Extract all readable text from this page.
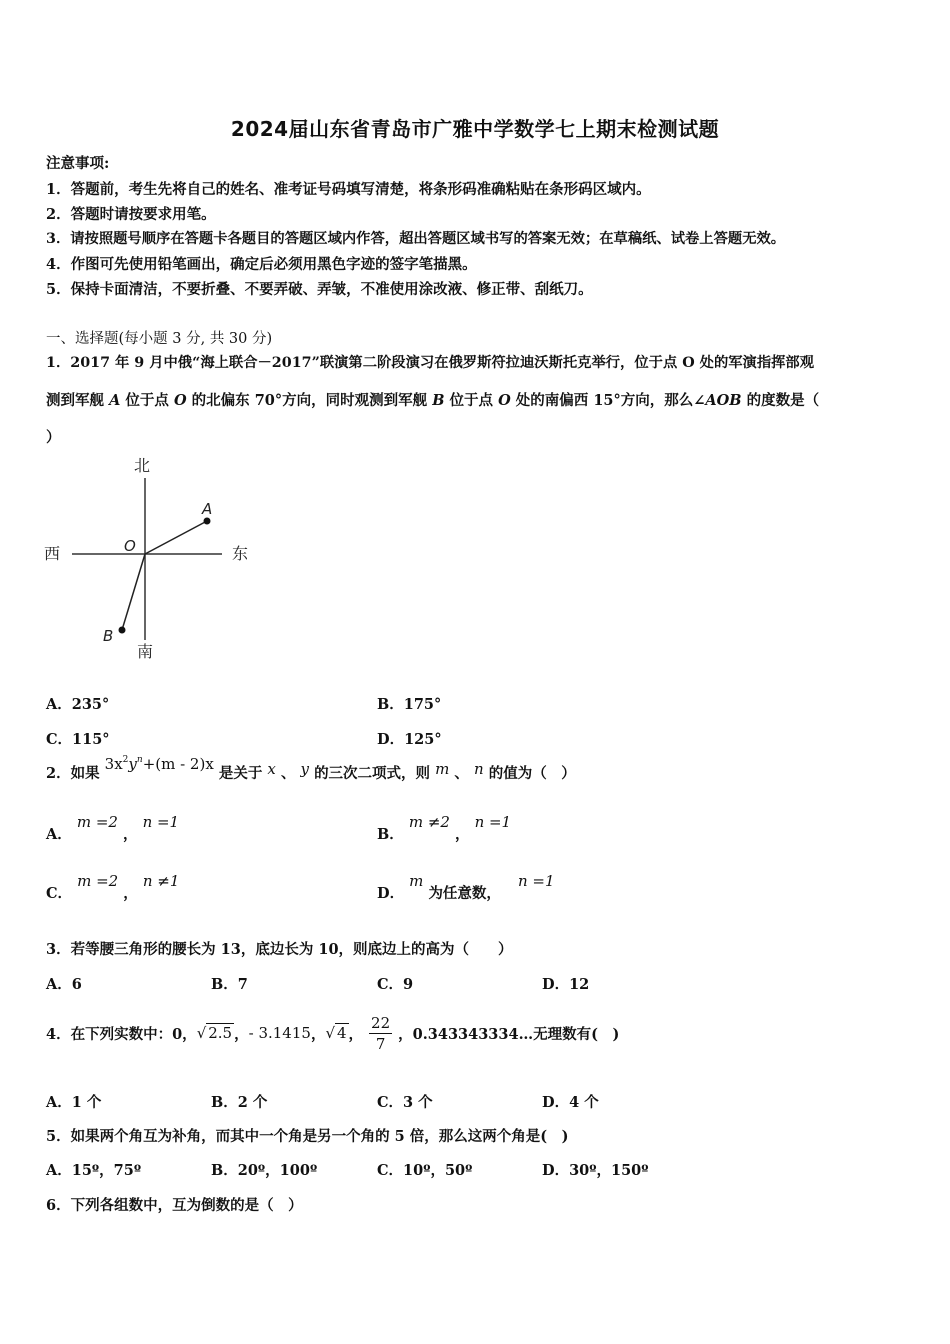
2024届山东省青岛市广雅中学数学七上期末检测试题
注意事项:
1．答题前，考生先将自己的姓名、准考证号码填写清楚，将条形码准确粘贴在条形码区域内。
2．答题时请按要求用笔。
3．请按照题号顺序在答题卡各题目的答题区域内作答，超出答题区域书写的答案无效；在草稿纸、试卷上答题无效。
4．作图可先使用铅笔画出，确定后必须用黑色字迹的签字笔描黑。
5．保持卡面清洁，不要折叠、不要弄破、弄皱，不准使用涂改液、修正带、刮纸刀。
一、选择题(每小题 3 分, 共 30 分)
1．2017 年 9 月中俄“海上联合－2017”联演第二阶段演习在俄罗斯符拉迪沃斯托克举行，位于点 O 处的军演指挥部观
测到军舰 A 位于点 O 的北偏东 70°方向，同时观测到军舰 B 位于点 O 处的南偏西 15°方向，那么∠AOB 的度数是（
）
北
南
西	东
O
A
B
A．235°	B．175°
C．115°	D．125°
2．如果 $3x^2y^n+(m - 2)x$ 是关于 x 、 y 的三次二项式，则 m 、 n 的值为（　）
A． m =2 ， n =1
B． m ≠2 ， n =1
C． m =2 ， n ≠1
D． m 为任意数， n =1
3．若等腰三角形的腰长为 13，底边长为 10，则底边上的高为（　　）
A．6	B．7	C．9	D．12
4．在下列实数中：0， √ 2.5 ， - 3.1415 ， √ 4 ， $\frac{22}{7}$ ，0.343343334…无理数有(　)
A．1 个	B．2 个	C．3 个	D．4 个
5．如果两个角互为补角，而其中一个角是另一个角的 5 倍，那么这两个角是(　)
A．15º，75º	B．20º，100º	C．10º，50º	D．30º，150º
6．下列各组数中，互为倒数的是（　）
